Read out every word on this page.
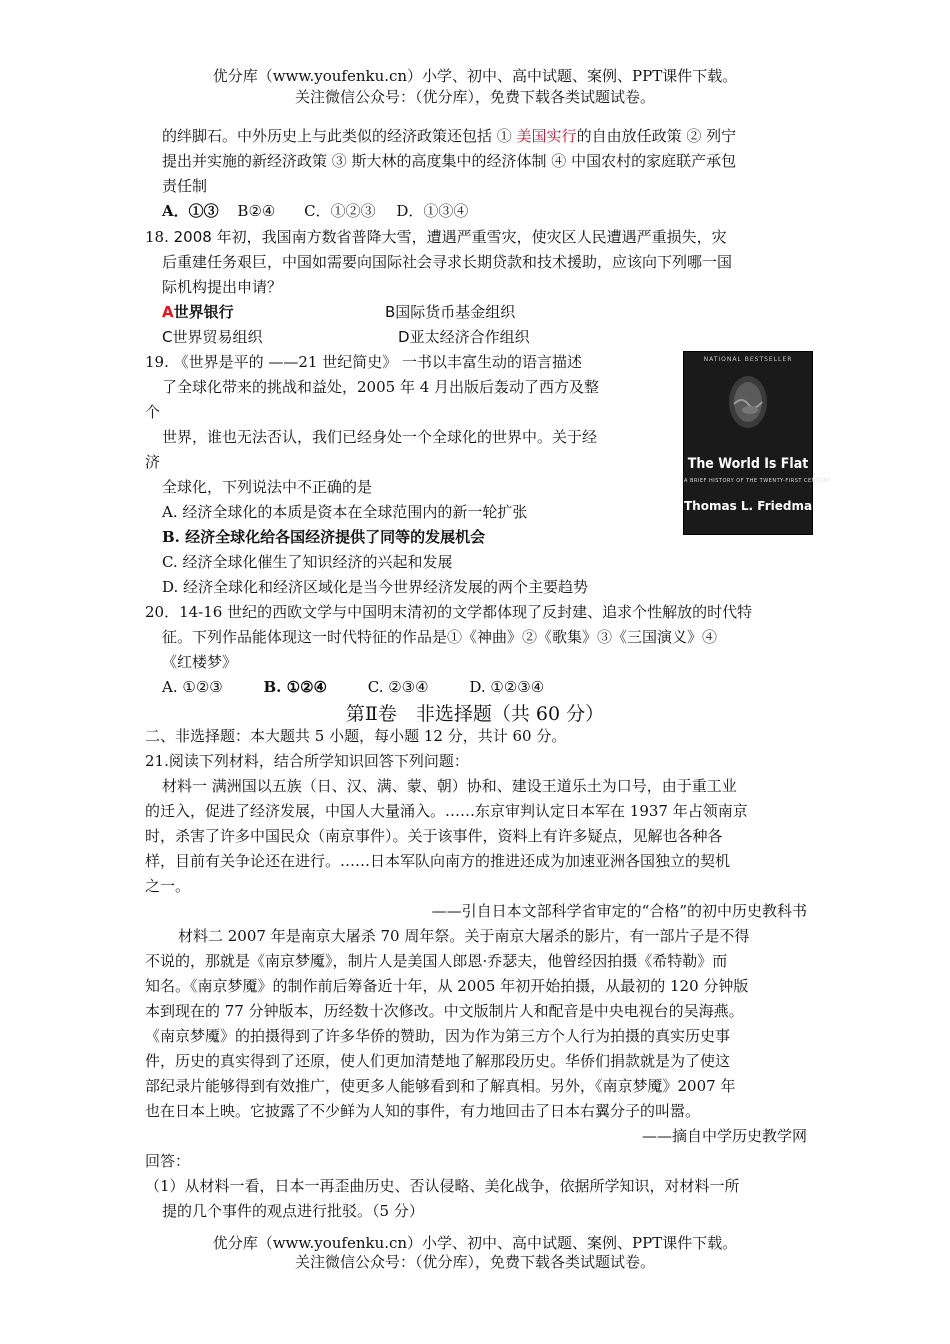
优分库（www.youfenku.cn）小学、初中、高中试题、案例、PPT课件下载。
关注微信公众号：（优分库），免费下载各类试题试卷。
的绊脚石。中外历史上与此类似的经济政策还包括 ① 美国实行的自由放任政策 ② 列宁
提出并实施的新经济政策 ③ 斯大林的高度集中的经济体制 ④ 中国农村的家庭联产承包
责任制
A．①③ B②④ C．①②③ D．①③④
18. 2008 年初，我国南方数省普降大雪，遭遇严重雪灾，使灾区人民遭遇严重损失，灾
后重建任务艰巨，中国如需要向国际社会寻求长期贷款和技术援助，应该向下列哪一国
际机构提出申请？
A世界银行	B国际货币基金组织
C世界贸易组织	D亚太经济合作组织
19. 《世界是平的 ——21 世纪简史》 一书以丰富生动的语言描述
了全球化带来的挑战和益处，2005 年 4 月出版后轰动了西方及整
个
世界，谁也无法否认，我们已经身处一个全球化的世界中。关于经
济
全球化，下列说法中不正确的是
A. 经济全球化的本质是资本在全球范围内的新一轮扩张
B. 经济全球化给各国经济提供了同等的发展机会
C. 经济全球化催生了知识经济的兴起和发展
D. 经济全球化和经济区域化是当今世界经济发展的两个主要趋势
NATIONAL BESTSELLER
The World Is Flat
A BRIEF HISTORY OF THE TWENTY-FIRST CENTURY
Thomas L. Friedman
20．14-16 世纪的西欧文学与中国明末清初的文学都体现了反封建、追求个性解放的时代特
征。下列作品能体现这一时代特征的作品是①《神曲》②《歌集》③《三国演义》④
《红楼梦》
A. ①②③	B. ①②④	C. ②③④	D. ①②③④
第Ⅱ卷　非选择题（共 60 分）
二、非选择题：本大题共 5 小题，每小题 12 分，共计 60 分。
21.阅读下列材料，结合所学知识回答下列问题：
材料一 满洲国以五族（日、汉、满、蒙、朝）协和、建设王道乐土为口号，由于重工业
的迁入，促进了经济发展，中国人大量涌入。……东京审判认定日本军在 1937 年占领南京
时，杀害了许多中国民众（南京事件）。关于该事件，资料上有许多疑点，见解也各种各
样，目前有关争论还在进行。……日本军队向南方的推进还成为加速亚洲各国独立的契机
之一。
——引自日本文部科学省审定的“合格”的初中历史教科书
材料二 2007 年是南京大屠杀 70 周年祭。关于南京大屠杀的影片，有一部片子是不得
不说的，那就是《南京梦魇》，制片人是美国人郎恩·乔瑟夫，他曾经因拍摄《希特勒》而
知名。《南京梦魇》的制作前后筹备近十年，从 2005 年初开始拍摄，从最初的 120 分钟版
本到现在的 77 分钟版本，历经数十次修改。中文版制片人和配音是中央电视台的吴海燕。
《南京梦魇》的拍摄得到了许多华侨的赞助，因为作为第三方个人行为拍摄的真实历史事
件，历史的真实得到了还原，使人们更加清楚地了解那段历史。华侨们捐款就是为了使这
部纪录片能够得到有效推广，使更多人能够看到和了解真相。另外，《南京梦魇》2007 年
也在日本上映。它披露了不少鲜为人知的事件，有力地回击了日本右翼分子的叫嚣。
——摘自中学历史教学网
回答：
（1）从材料一看，日本一再歪曲历史、否认侵略、美化战争，依据所学知识，对材料一所
提的几个事件的观点进行批驳。（5 分）
优分库（www.youfenku.cn）小学、初中、高中试题、案例、PPT课件下载。
关注微信公众号：（优分库），免费下载各类试题试卷。
